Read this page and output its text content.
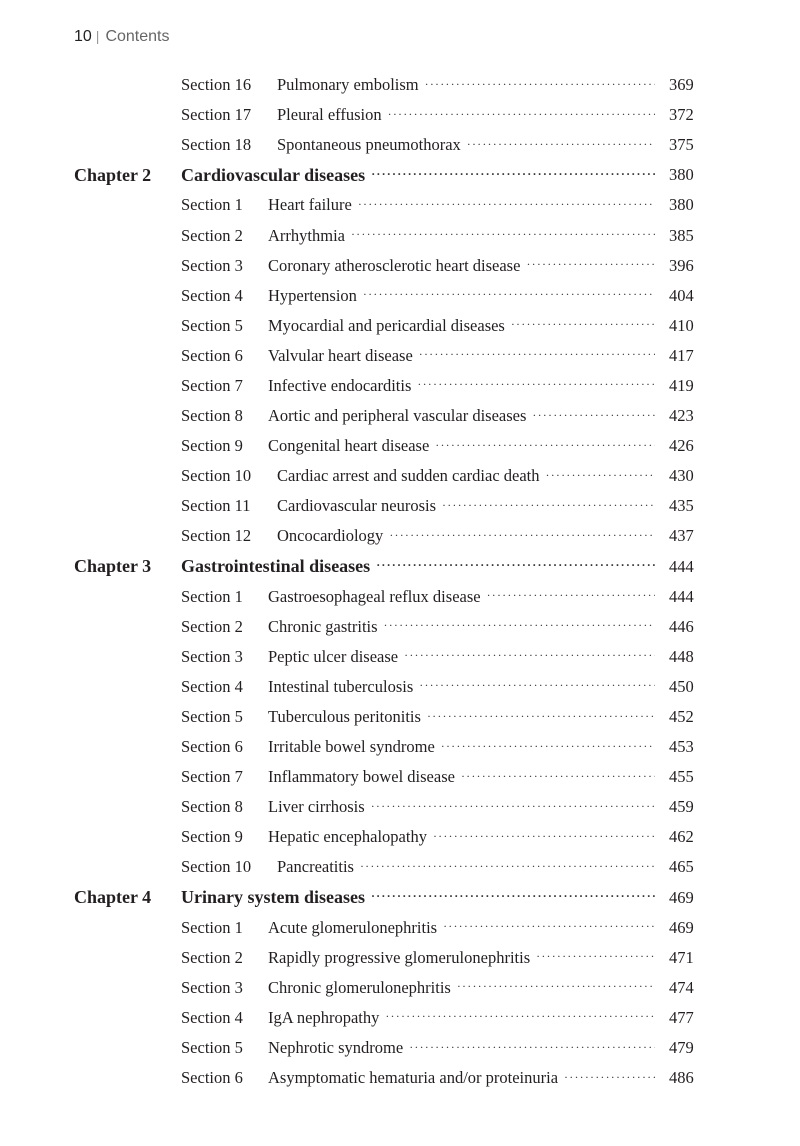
10 | Contents
Section 16 Pulmonary embolism ·····	369
Section 17 Pleural effusion ·····	372
Section 18 Spontaneous pneumothorax ·····	375
Chapter 2 Cardiovascular diseases ·····	380
Section 1 Heart failure ·····	380
Section 2 Arrhythmia ·····	385
Section 3 Coronary atherosclerotic heart disease ·····	396
Section 4 Hypertension ·····	404
Section 5 Myocardial and pericardial diseases ·····	410
Section 6 Valvular heart disease ·····	417
Section 7 Infective endocarditis ·····	419
Section 8 Aortic and peripheral vascular diseases ·····	423
Section 9 Congenital heart disease ·····	426
Section 10 Cardiac arrest and sudden cardiac death ·····	430
Section 11 Cardiovascular neurosis ·····	435
Section 12 Oncocardiology ·····	437
Chapter 3 Gastrointestinal diseases ·····	444
Section 1 Gastroesophageal reflux disease ·····	444
Section 2 Chronic gastritis ·····	446
Section 3 Peptic ulcer disease ·····	448
Section 4 Intestinal tuberculosis ·····	450
Section 5 Tuberculous peritonitis ·····	452
Section 6 Irritable bowel syndrome ·····	453
Section 7 Inflammatory bowel disease ·····	455
Section 8 Liver cirrhosis ·····	459
Section 9 Hepatic encephalopathy ·····	462
Section 10 Pancreatitis ·····	465
Chapter 4 Urinary system diseases ·····	469
Section 1 Acute glomerulonephritis ·····	469
Section 2 Rapidly progressive glomerulonephritis ·····	471
Section 3 Chronic glomerulonephritis ·····	474
Section 4 IgA nephropathy ·····	477
Section 5 Nephrotic syndrome ·····	479
Section 6 Asymptomatic hematuria and/or proteinuria ·····	486
